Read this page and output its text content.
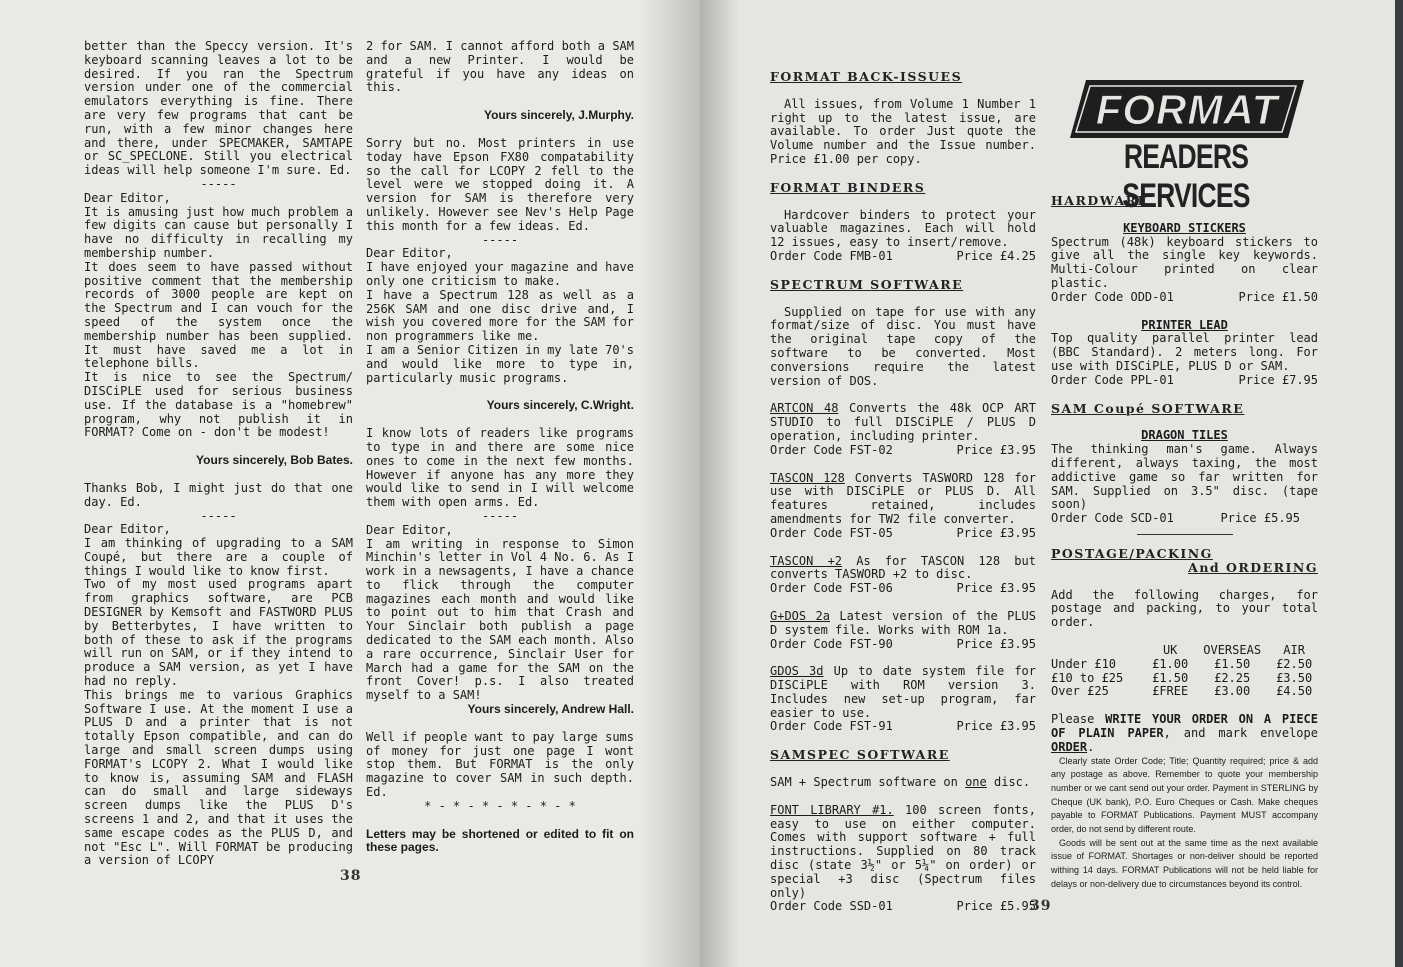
better than the Speccy version. It's keyboard scanning leaves a lot to be desired. If you ran the Spectrum version under one of the commercial emulators everything is fine. There are very few programs that cant be run, with a few minor changes here and there, under SPECMAKER, SAMTAPE or SC_SPECLONE. Still you electrical ideas will help someone I'm sure. Ed.

-----

Dear Editor,

It is amusing just how much problem a few digits can cause but personally I have no difficulty in recalling my membership number.

It does seem to have passed without positive comment that the membership records of 3000 people are kept on the Spectrum and I can vouch for the speed of the system once the membership number has been supplied. It must have saved me a lot in telephone bills.

It is nice to see the Spectrum/ DISCiPLE used for serious business use. If the database is a "homebrew" program, why not publish it in FORMAT? Come on - don't be modest!

Yours sincerely, Bob Bates.

Thanks Bob, I might just do that one day. Ed.

-----

Dear Editor,

I am thinking of upgrading to a SAM Coupé, but there are a couple of things I would like to know first.

Two of my most used programs apart from graphics software, are PCB DESIGNER by Kemsoft and FASTWORD PLUS by Betterbytes, I have written to both of these to ask if the programs will run on SAM, or if they intend to produce a SAM version, as yet I have had no reply.

This brings me to various Graphics Software I use. At the moment I use a PLUS D and a printer that is not totally Epson compatible, and can do large and small screen dumps using FORMAT's LCOPY 2. What I would like to know is, assuming SAM and FLASH can do small and large sideways screen dumps like the PLUS D's screens 1 and 2, and that it uses the same escape codes as the PLUS D, and not "Esc L". Will FORMAT be producing a version of LCOPY

2 for SAM. I cannot afford both a SAM and a new Printer. I would be grateful if you have any ideas on this.

Yours sincerely, J.Murphy.

Sorry but no. Most printers in use today have Epson FX80 compatability so the call for LCOPY 2 fell to the level were we stopped doing it. A version for SAM is therefore very unlikely. However see Nev's Help Page this month for a few ideas. Ed.

-----

Dear Editor,

I have enjoyed your magazine and have only one criticism to make.

I have a Spectrum 128 as well as a 256K SAM and one disc drive and, I wish you covered more for the SAM for non programmers like me.

I am a Senior Citizen in my late 70's and would like more to type in, particularly music programs.

Yours sincerely, C.Wright.

I know lots of readers like programs to type in and there are some nice ones to come in the next few months. However if anyone has any more they would like to send in I will welcome them with open arms. Ed.

-----

Dear Editor,

I am writing in response to Simon Minchin's letter in Vol 4 No. 6. As I work in a newsagents, I have a chance to flick through the computer magazines each month and would like to point out to him that Crash and Your Sinclair both publish a page dedicated to the SAM each month. Also a rare occurrence, Sinclair User for March had a game for the SAM on the front Cover! p.s. I also treated myself to a SAM!

Yours sincerely, Andrew Hall.

Well if people want to pay large sums of money for just one page I wont stop them. But FORMAT is the only magazine to cover SAM in such depth. Ed.

* - * - * - * - * - *

Letters may be shortened or edited to fit on these pages.

38
FORMAT
READERS SERVICES

FORMAT BACK-ISSUES

All issues, from Volume 1 Number 1 right up to the latest issue, are available. To order Just quote the Volume number and the Issue number. Price £1.00 per copy.

FORMAT BINDERS

Hardcover binders to protect your valuable magazines. Each will hold 12 issues, easy to insert/remove.

Order Code FMB-01	Price £4.25

SPECTRUM SOFTWARE

Supplied on tape for use with any format/size of disc. You must have the original tape copy of the software to be converted. Most conversions require the latest version of DOS.

ARTCON 48 Converts the 48k OCP ART STUDIO to full DISCiPLE / PLUS D operation, including printer.

Order Code FST-02	Price £3.95

TASCON 128 Converts TASWORD 128 for use with DISCiPLE or PLUS D. All features retained, includes amendments for TW2 file converter.

Order Code FST-05	Price £3.95

TASCON +2 As for TASCON 128 but converts TASWORD +2 to disc.

Order Code FST-06	Price £3.95

G+DOS 2a Latest version of the PLUS D system file. Works with ROM 1a.

Order Code FST-90	Price £3.95

GDOS 3d Up to date system file for DISCiPLE with ROM version 3. Includes new set-up program, far easier to use.

Order Code FST-91	Price £3.95

SAMSPEC SOFTWARE

SAM + Spectrum software on one disc.

FONT LIBRARY #1. 100 screen fonts, easy to use on either computer. Comes with support software + full instructions. Supplied on 80 track disc (state 3½" or 5¼" on order) or special +3 disc (Spectrum files only)

Order Code SSD-01	Price £5.95

HARDWARE

KEYBOARD STICKERS

Spectrum (48k) keyboard stickers to give all the single key keywords. Multi-Colour printed on clear plastic.

Order Code ODD-01	Price £1.50

PRINTER LEAD

Top quality parallel printer lead (BBC Standard). 2 meters long. For use with DISCiPLE, PLUS D or SAM.

Order Code PPL-01	Price £7.95

SAM Coupé SOFTWARE

DRAGON TILES

The thinking man's game. Always different, always taxing, the most addictive game so far written for SAM. Supplied on 3.5" disc. (tape soon)

Order Code SCD-01	Price £5.95

POSTAGE/PACKING

And ORDERING

Add the following charges, for postage and packing, to your total order.

	UK	OVERSEAS	AIR
Under £10	£1.00	£1.50	£2.50
£10 to £25	£1.50	£2.25	£3.50
Over £25	£FREE	£3.00	£4.50

Please WRITE YOUR ORDER ON A PIECE OF PLAIN PAPER, and mark envelope ORDER.

Clearly state Order Code; Title; Quantity required; price & add any postage as above. Remember to quote your membership number or we cant send out your order. Payment in STERLING by Cheque (UK bank), P.O. Euro Cheques or Cash. Make cheques payable to FORMAT Publications. Payment MUST accompany order, do not send by different route.

Goods will be sent out at the same time as the next available issue of FORMAT. Shortages or non-deliver should be reported withing 14 days. FORMAT Publications will not be held liable for delays or non-delivery due to circumstances beyond its control.

39
